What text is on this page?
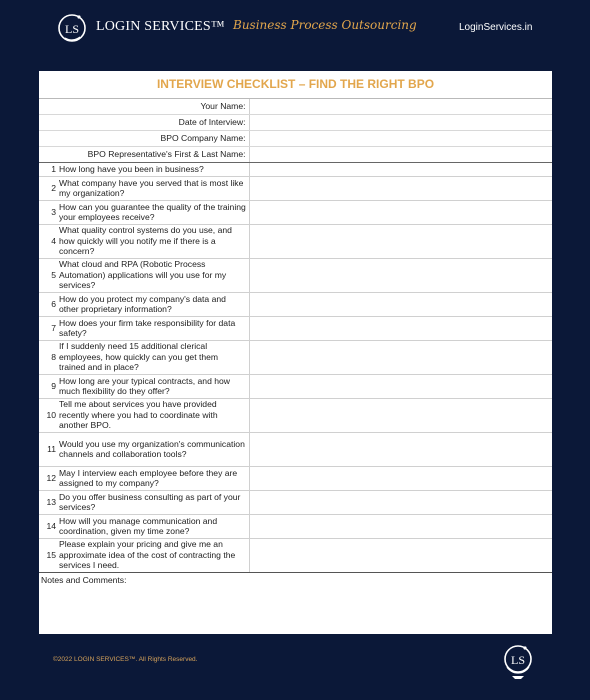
LS LOGIN SERVICES™ Business Process Outsourcing	LoginServices.in
INTERVIEW CHECKLIST – FIND THE RIGHT BPO
Your Name:	
Date of Interview:	
BPO Company Name:	
BPO Representative's First & Last Name:	
1	How long have you been in business?	
2	What company have you served that is most like my organization?	
3	How can you guarantee the quality of the training your employees receive?	
4	What quality control systems do you use, and how quickly will you notify me if there is a concern?	
5	What cloud and RPA (Robotic Process Automation) applications will you use for my services?	
6	How do you protect my company's data and other proprietary information?	
7	How does your firm take responsibility for data safety?	
8	If I suddenly need 15 additional clerical employees, how quickly can you get them trained and in place?	
9	How long are your typical contracts, and how much flexibility do they offer?	
10	Tell me about services you have provided recently where you had to coordinate with another BPO.	
11	Would you use my organization's communication channels and collaboration tools?	
12	May I interview each employee before they are assigned to my company?	
13	Do you offer business consulting as part of your services?	
14	How will you manage communication and coordination, given my time zone?	
15	Please explain your pricing and give me an approximate idea of the cost of contracting the services I need.	
Notes and Comments:
©2022 LOGIN SERVICES™. All Rights Reserved.	LS
